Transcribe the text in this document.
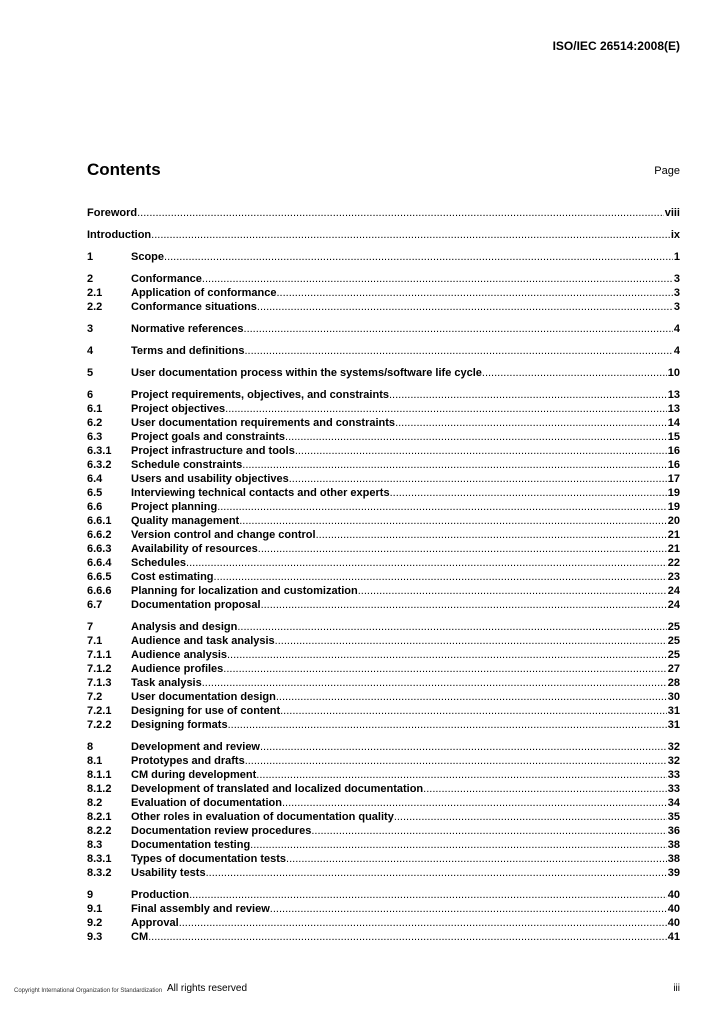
ISO/IEC 26514:2008(E)
Contents	Page
Foreword .....	viii
Introduction .....	ix
1	Scope .....	1
2	Conformance .....	3
2.1	Application of conformance .....	3
2.2	Conformance situations .....	3
3	Normative references .....	4
4	Terms and definitions .....	4
5	User documentation process within the systems/software life cycle .....	10
6	Project requirements, objectives, and constraints .....	13
6.1	Project objectives .....	13
6.2	User documentation requirements and constraints .....	14
6.3	Project goals and constraints .....	15
6.3.1	Project infrastructure and tools .....	16
6.3.2	Schedule constraints .....	16
6.4	Users and usability objectives .....	17
6.5	Interviewing technical contacts and other experts .....	19
6.6	Project planning .....	19
6.6.1	Quality management .....	20
6.6.2	Version control and change control .....	21
6.6.3	Availability of resources .....	21
6.6.4	Schedules .....	22
6.6.5	Cost estimating .....	23
6.6.6	Planning for localization and customization .....	24
6.7	Documentation proposal .....	24
7	Analysis and design .....	25
7.1	Audience and task analysis .....	25
7.1.1	Audience analysis .....	25
7.1.2	Audience profiles .....	27
7.1.3	Task analysis .....	28
7.2	User documentation design .....	30
7.2.1	Designing for use of content .....	31
7.2.2	Designing formats .....	31
8	Development and review .....	32
8.1	Prototypes and drafts .....	32
8.1.1	CM during development .....	33
8.1.2	Development of translated and localized documentation .....	33
8.2	Evaluation of documentation .....	34
8.2.1	Other roles in evaluation of documentation quality .....	35
8.2.2	Documentation review procedures .....	36
8.3	Documentation testing .....	38
8.3.1	Types of documentation tests .....	38
8.3.2	Usability tests .....	39
9	Production .....	40
9.1	Final assembly and review .....	40
9.2	Approval .....	40
9.3	CM .....	41
Copyright International Organization for Standardization All rights reserved	iii
